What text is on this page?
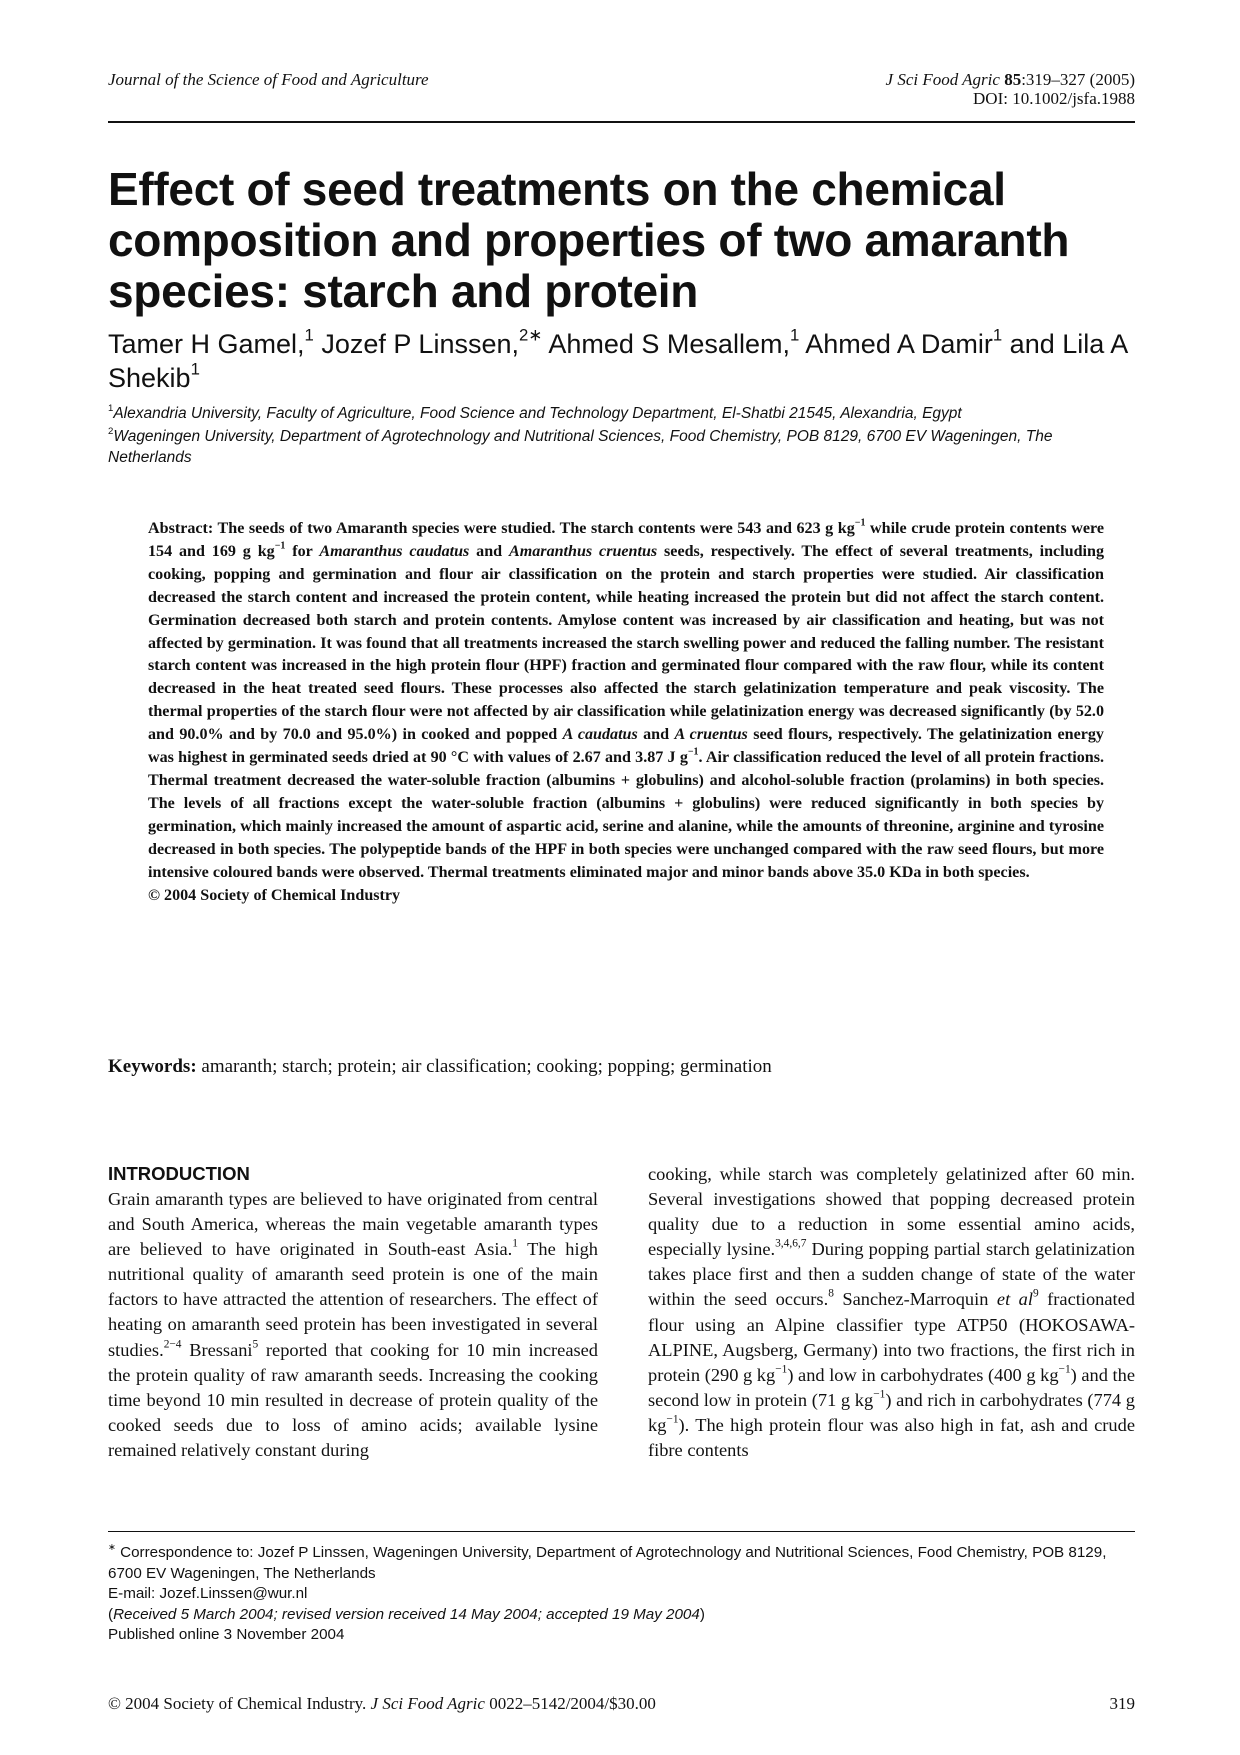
Journal of the Science of Food and Agriculture	J Sci Food Agric 85:319–327 (2005)
DOI: 10.1002/jsfa.1988
Effect of seed treatments on the chemical composition and properties of two amaranth species: starch and protein
Tamer H Gamel,$^1$ Jozef P Linssen,$^{2∗}$ Ahmed S Mesallem,$^1$ Ahmed A Damir$^1$ and Lila A Shekib$^1$
$^1$Alexandria University, Faculty of Agriculture, Food Science and Technology Department, El-Shatbi 21545, Alexandria, Egypt
$^2$Wageningen University, Department of Agrotechnology and Nutritional Sciences, Food Chemistry, POB 8129, 6700 EV Wageningen, The Netherlands
Abstract: The seeds of two Amaranth species were studied. The starch contents were 543 and 623 g $kg^{-1}$ while crude protein contents were 154 and 169 g $kg^{-1}$ for Amaranthus caudatus and Amaranthus cruentus seeds, respectively. The effect of several treatments, including cooking, popping and germination and flour air classification on the protein and starch properties were studied. Air classification decreased the starch content and increased the protein content, while heating increased the protein but did not affect the starch content. Germination decreased both starch and protein contents. Amylose content was increased by air classification and heating, but was not affected by germination. It was found that all treatments increased the starch swelling power and reduced the falling number. The resistant starch content was increased in the high protein flour (HPF) fraction and germinated flour compared with the raw flour, while its content decreased in the heat treated seed flours. These processes also affected the starch gelatinization temperature and peak viscosity. The thermal properties of the starch flour were not affected by air classification while gelatinization energy was decreased significantly (by 52.0 and 90.0% and by 70.0 and 95.0%) in cooked and popped A caudatus and A cruentus seed flours, respectively. The gelatinization energy was highest in germinated seeds dried at 90 °C with values of 2.67 and 3.87 J $g^{-1}$. Air classification reduced the level of all protein fractions. Thermal treatment decreased the water-soluble fraction (albumins + globulins) and alcohol-soluble fraction (prolamins) in both species. The levels of all fractions except the water-soluble fraction (albumins + globulins) were reduced significantly in both species by germination, which mainly increased the amount of aspartic acid, serine and alanine, while the amounts of threonine, arginine and tyrosine decreased in both species. The polypeptide bands of the HPF in both species were unchanged compared with the raw seed flours, but more intensive coloured bands were observed. Thermal treatments eliminated major and minor bands above 35.0 KDa in both species.
© 2004 Society of Chemical Industry
Keywords: amaranth; starch; protein; air classification; cooking; popping; germination
INTRODUCTION

Grain amaranth types are believed to have originated from central and South America, whereas the main vegetable amaranth types are believed to have originated in South-east Asia.$^1$ The high nutritional quality of amaranth seed protein is one of the main factors to have attracted the attention of researchers. The effect of heating on amaranth seed protein has been investigated in several studies.$^{2-4}$ Bressani$^5$ reported that cooking for 10 min increased the protein quality of raw amaranth seeds. Increasing the cooking time beyond 10 min resulted in decrease of protein quality of the cooked seeds due to loss of amino acids; available lysine remained relatively constant during

cooking, while starch was completely gelatinized after 60 min. Several investigations showed that popping decreased protein quality due to a reduction in some essential amino acids, especially lysine.$^{3,4,6,7}$ During popping partial starch gelatinization takes place first and then a sudden change of state of the water within the seed occurs.$^8$ Sanchez-Marroquin et $al^9$ fractionated flour using an Alpine classifier type ATP50 (HOKOSAWA-ALPINE, Augsberg, Germany) into two fractions, the first rich in protein (290 g $kg^{-1}$) and low in carbohydrates (400 g $kg^{-1}$) and the second low in protein (71 g $kg^{-1}$) and rich in carbohydrates (774 g $kg^{-1}$). The high protein flour was also high in fat, ash and crude fibre contents

∗ Correspondence to: Jozef P Linssen, Wageningen University, Department of Agrotechnology and Nutritional Sciences, Food Chemistry, POB 8129, 6700 EV Wageningen, The Netherlands

E-mail: Jozef.Linssen@wur.nl

(Received 5 March 2004; revised version received 14 May 2004; accepted 19 May 2004)

Published online 3 November 2004

© 2004 Society of Chemical Industry. J Sci Food Agric 0022–5142/2004/$30.00	319
